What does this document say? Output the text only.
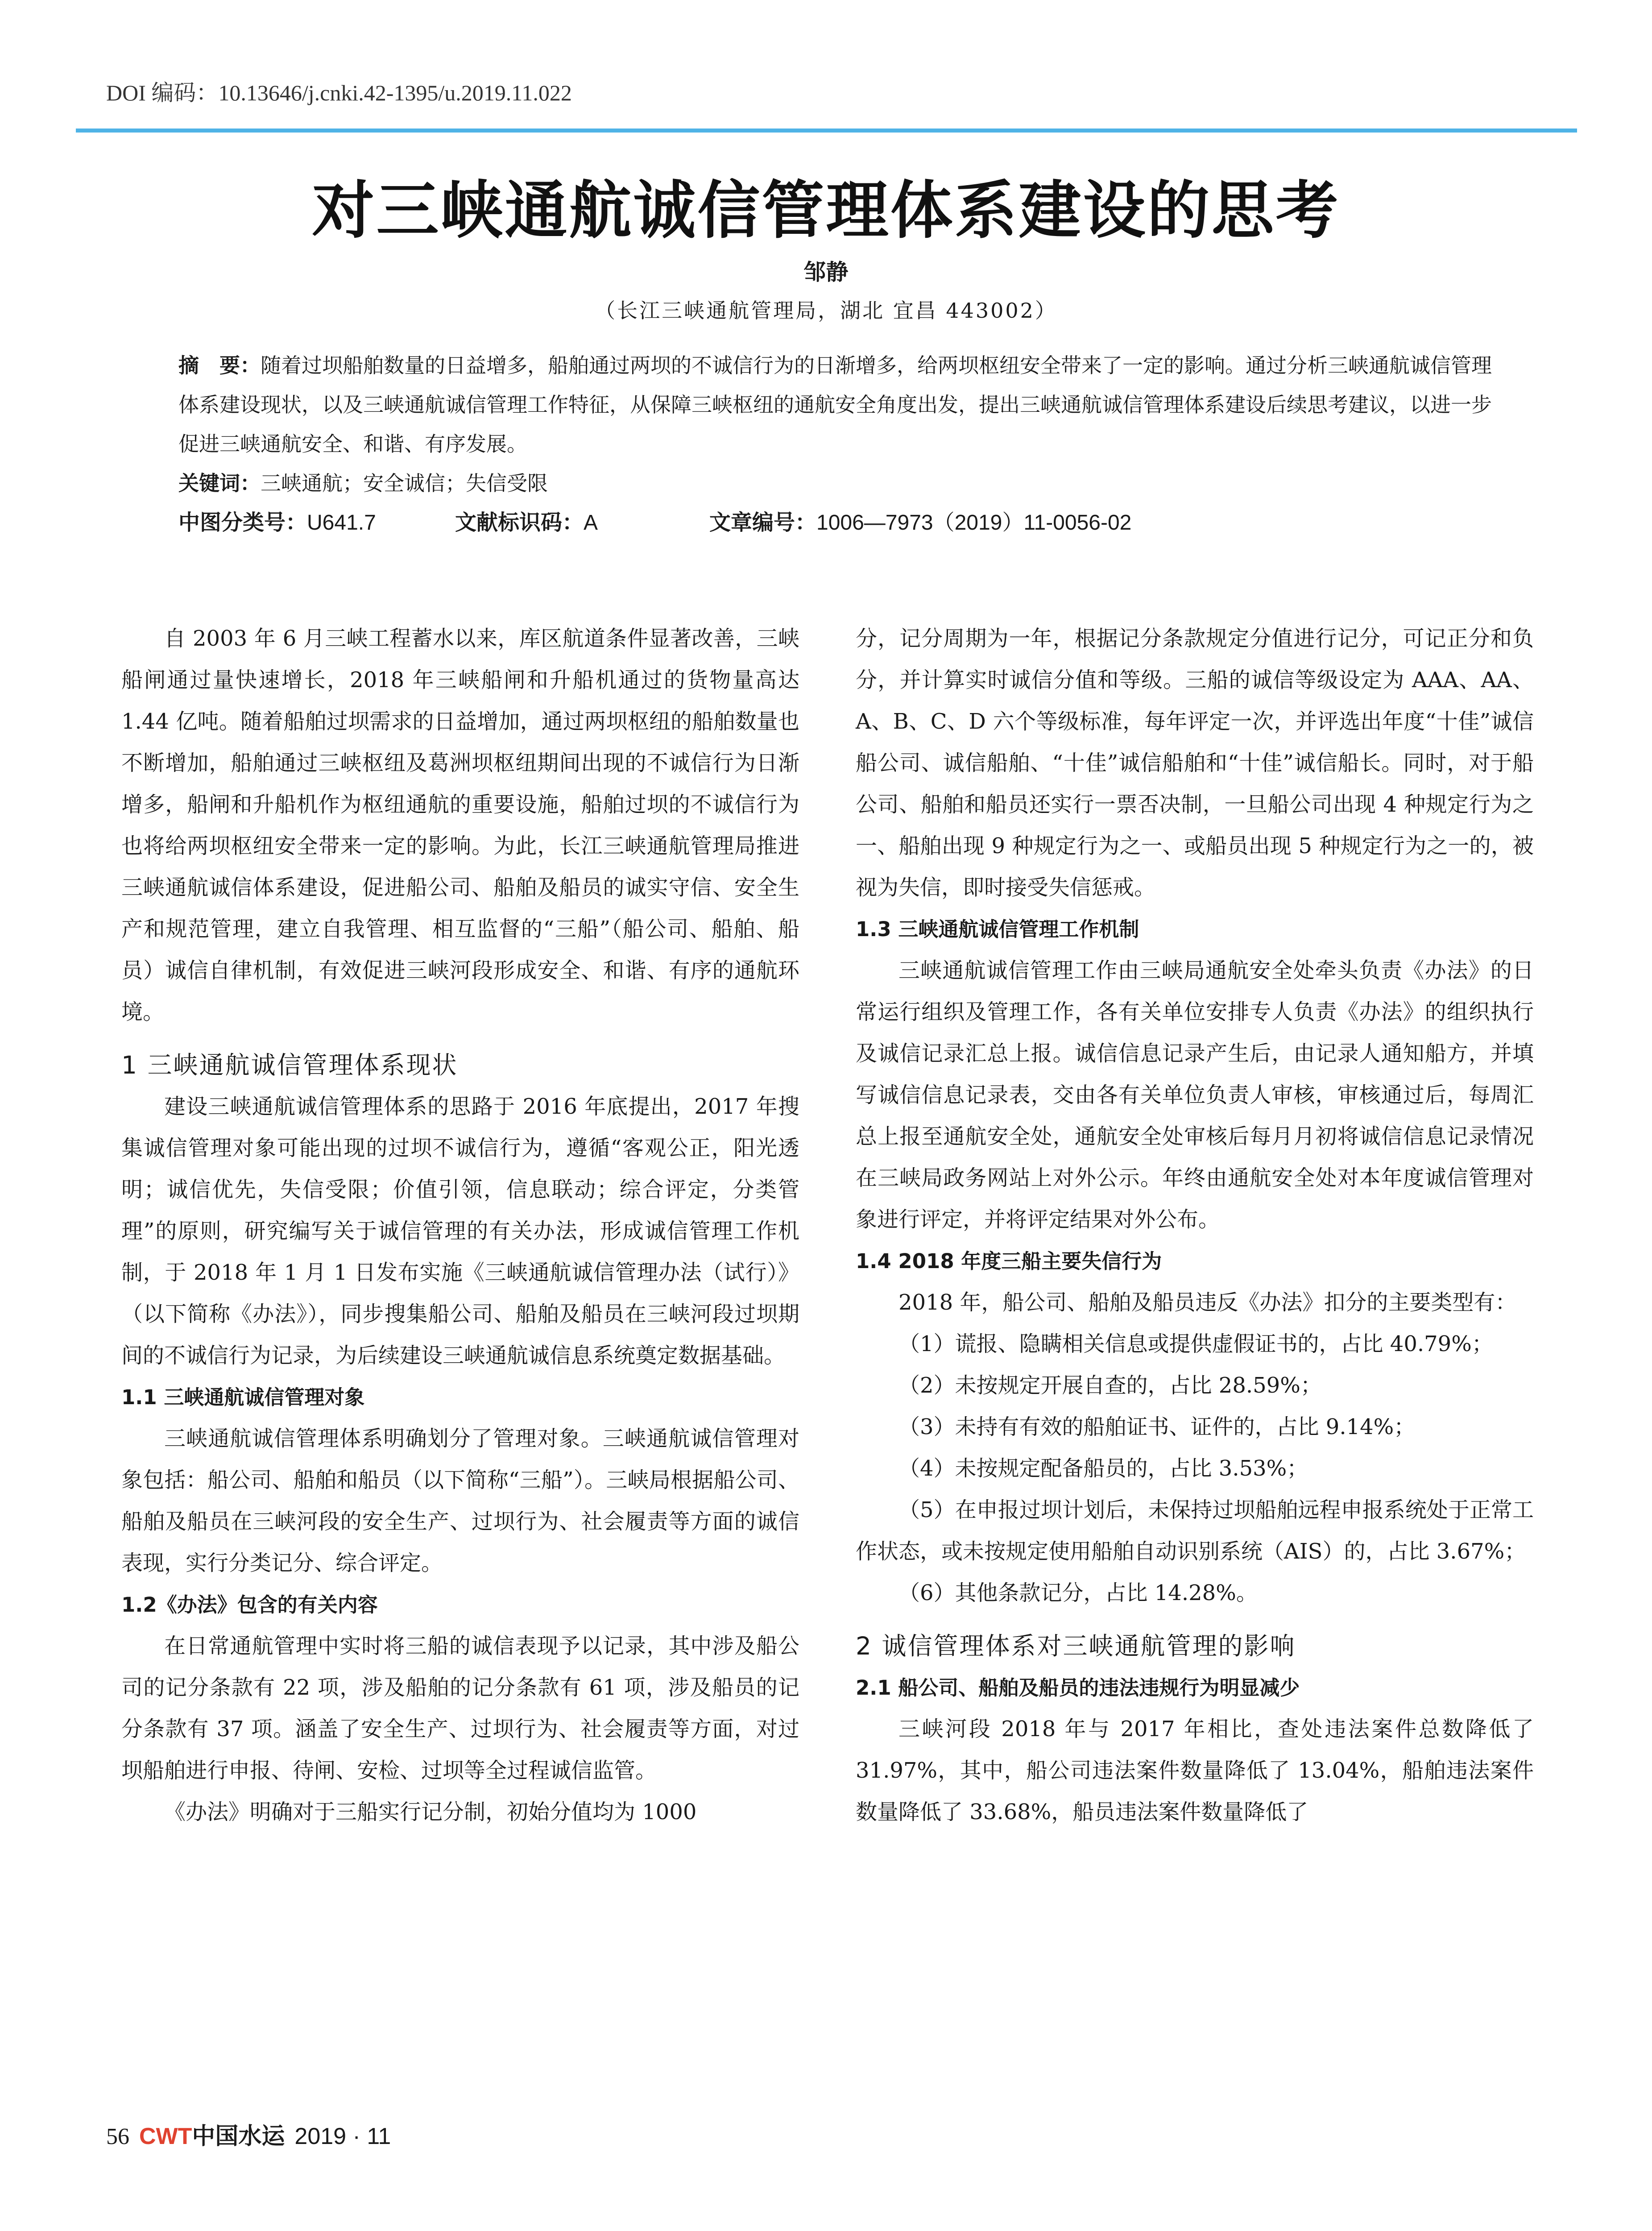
DOI 编码：10.13646/j.cnki.42-1395/u.2019.11.022
对三峡通航诚信管理体系建设的思考
邹静
（长江三峡通航管理局，湖北 宜昌 443002）

摘　要：随着过坝船舶数量的日益增多，船舶通过两坝的不诚信行为的日渐增多，给两坝枢纽安全带来了一定的影响。通过分析三峡通航诚信管理体系建设现状，以及三峡通航诚信管理工作特征，从保障三峡枢纽的通航安全角度出发，提出三峡通航诚信管理体系建设后续思考建议，以进一步促进三峡通航安全、和谐、有序发展。

关键词：三峡通航；安全诚信；失信受限

中图分类号：U641.7	文献标识码：A	文章编号：1006—7973（2019）11-0056-02

自 2003 年 6 月三峡工程蓄水以来，库区航道条件显著改善，三峡船闸通过量快速增长，2018 年三峡船闸和升船机通过的货物量高达 1.44 亿吨。随着船舶过坝需求的日益增加，通过两坝枢纽的船舶数量也不断增加，船舶通过三峡枢纽及葛洲坝枢纽期间出现的不诚信行为日渐增多，船闸和升船机作为枢纽通航的重要设施，船舶过坝的不诚信行为也将给两坝枢纽安全带来一定的影响。为此，长江三峡通航管理局推进三峡通航诚信体系建设，促进船公司、船舶及船员的诚实守信、安全生产和规范管理，建立自我管理、相互监督的“三船”（船公司、船舶、船员）诚信自律机制，有效促进三峡河段形成安全、和谐、有序的通航环境。

1 三峡通航诚信管理体系现状

建设三峡通航诚信管理体系的思路于 2016 年底提出，2017 年搜集诚信管理对象可能出现的过坝不诚信行为，遵循“客观公正，阳光透明；诚信优先，失信受限；价值引领，信息联动；综合评定，分类管理”的原则，研究编写关于诚信管理的有关办法，形成诚信管理工作机制，于 2018 年 1 月 1 日发布实施《三峡通航诚信管理办法（试行）》（以下简称《办法》），同步搜集船公司、船舶及船员在三峡河段过坝期间的不诚信行为记录，为后续建设三峡通航诚信息系统奠定数据基础。

1.1 三峡通航诚信管理对象

三峡通航诚信管理体系明确划分了管理对象。三峡通航诚信管理对象包括：船公司、船舶和船员（以下简称“三船”）。三峡局根据船公司、船舶及船员在三峡河段的安全生产、过坝行为、社会履责等方面的诚信表现，实行分类记分、综合评定。

1.2《办法》包含的有关内容

在日常通航管理中实时将三船的诚信表现予以记录，其中涉及船公司的记分条款有 22 项，涉及船舶的记分条款有 61 项，涉及船员的记分条款有 37 项。涵盖了安全生产、过坝行为、社会履责等方面，对过坝船舶进行申报、待闸、安检、过坝等全过程诚信监管。

《办法》明确对于三船实行记分制，初始分值均为 1000

分，记分周期为一年，根据记分条款规定分值进行记分，可记正分和负分，并计算实时诚信分值和等级。三船的诚信等级设定为 AAA、AA、A、B、C、D 六个等级标准，每年评定一次，并评选出年度“十佳”诚信船公司、诚信船舶、“十佳”诚信船舶和“十佳”诚信船长。同时，对于船公司、船舶和船员还实行一票否决制，一旦船公司出现 4 种规定行为之一、船舶出现 9 种规定行为之一、或船员出现 5 种规定行为之一的，被视为失信，即时接受失信惩戒。

1.3 三峡通航诚信管理工作机制

三峡通航诚信管理工作由三峡局通航安全处牵头负责《办法》的日常运行组织及管理工作，各有关单位安排专人负责《办法》的组织执行及诚信记录汇总上报。诚信信息记录产生后，由记录人通知船方，并填写诚信信息记录表，交由各有关单位负责人审核，审核通过后，每周汇总上报至通航安全处，通航安全处审核后每月月初将诚信信息记录情况在三峡局政务网站上对外公示。年终由通航安全处对本年度诚信管理对象进行评定，并将评定结果对外公布。

1.4 2018 年度三船主要失信行为

2018 年，船公司、船舶及船员违反《办法》扣分的主要类型有：

（1）谎报、隐瞒相关信息或提供虚假证书的，占比 40.79%；

（2）未按规定开展自查的，占比 28.59%；

（3）未持有有效的船舶证书、证件的，占比 9.14%；

（4）未按规定配备船员的，占比 3.53%；

（5）在申报过坝计划后，未保持过坝船舶远程申报系统处于正常工作状态，或未按规定使用船舶自动识别系统（AIS）的，占比 3.67%；

（6）其他条款记分，占比 14.28%。

2 诚信管理体系对三峡通航管理的影响
2.1 船公司、船舶及船员的违法违规行为明显减少

三峡河段 2018 年与 2017 年相比，查处违法案件总数降低了 31.97%，其中，船公司违法案件数量降低了 13.04%，船舶违法案件数量降低了 33.68%，船员违法案件数量降低了

56 CWT中国水运 2019 · 11
